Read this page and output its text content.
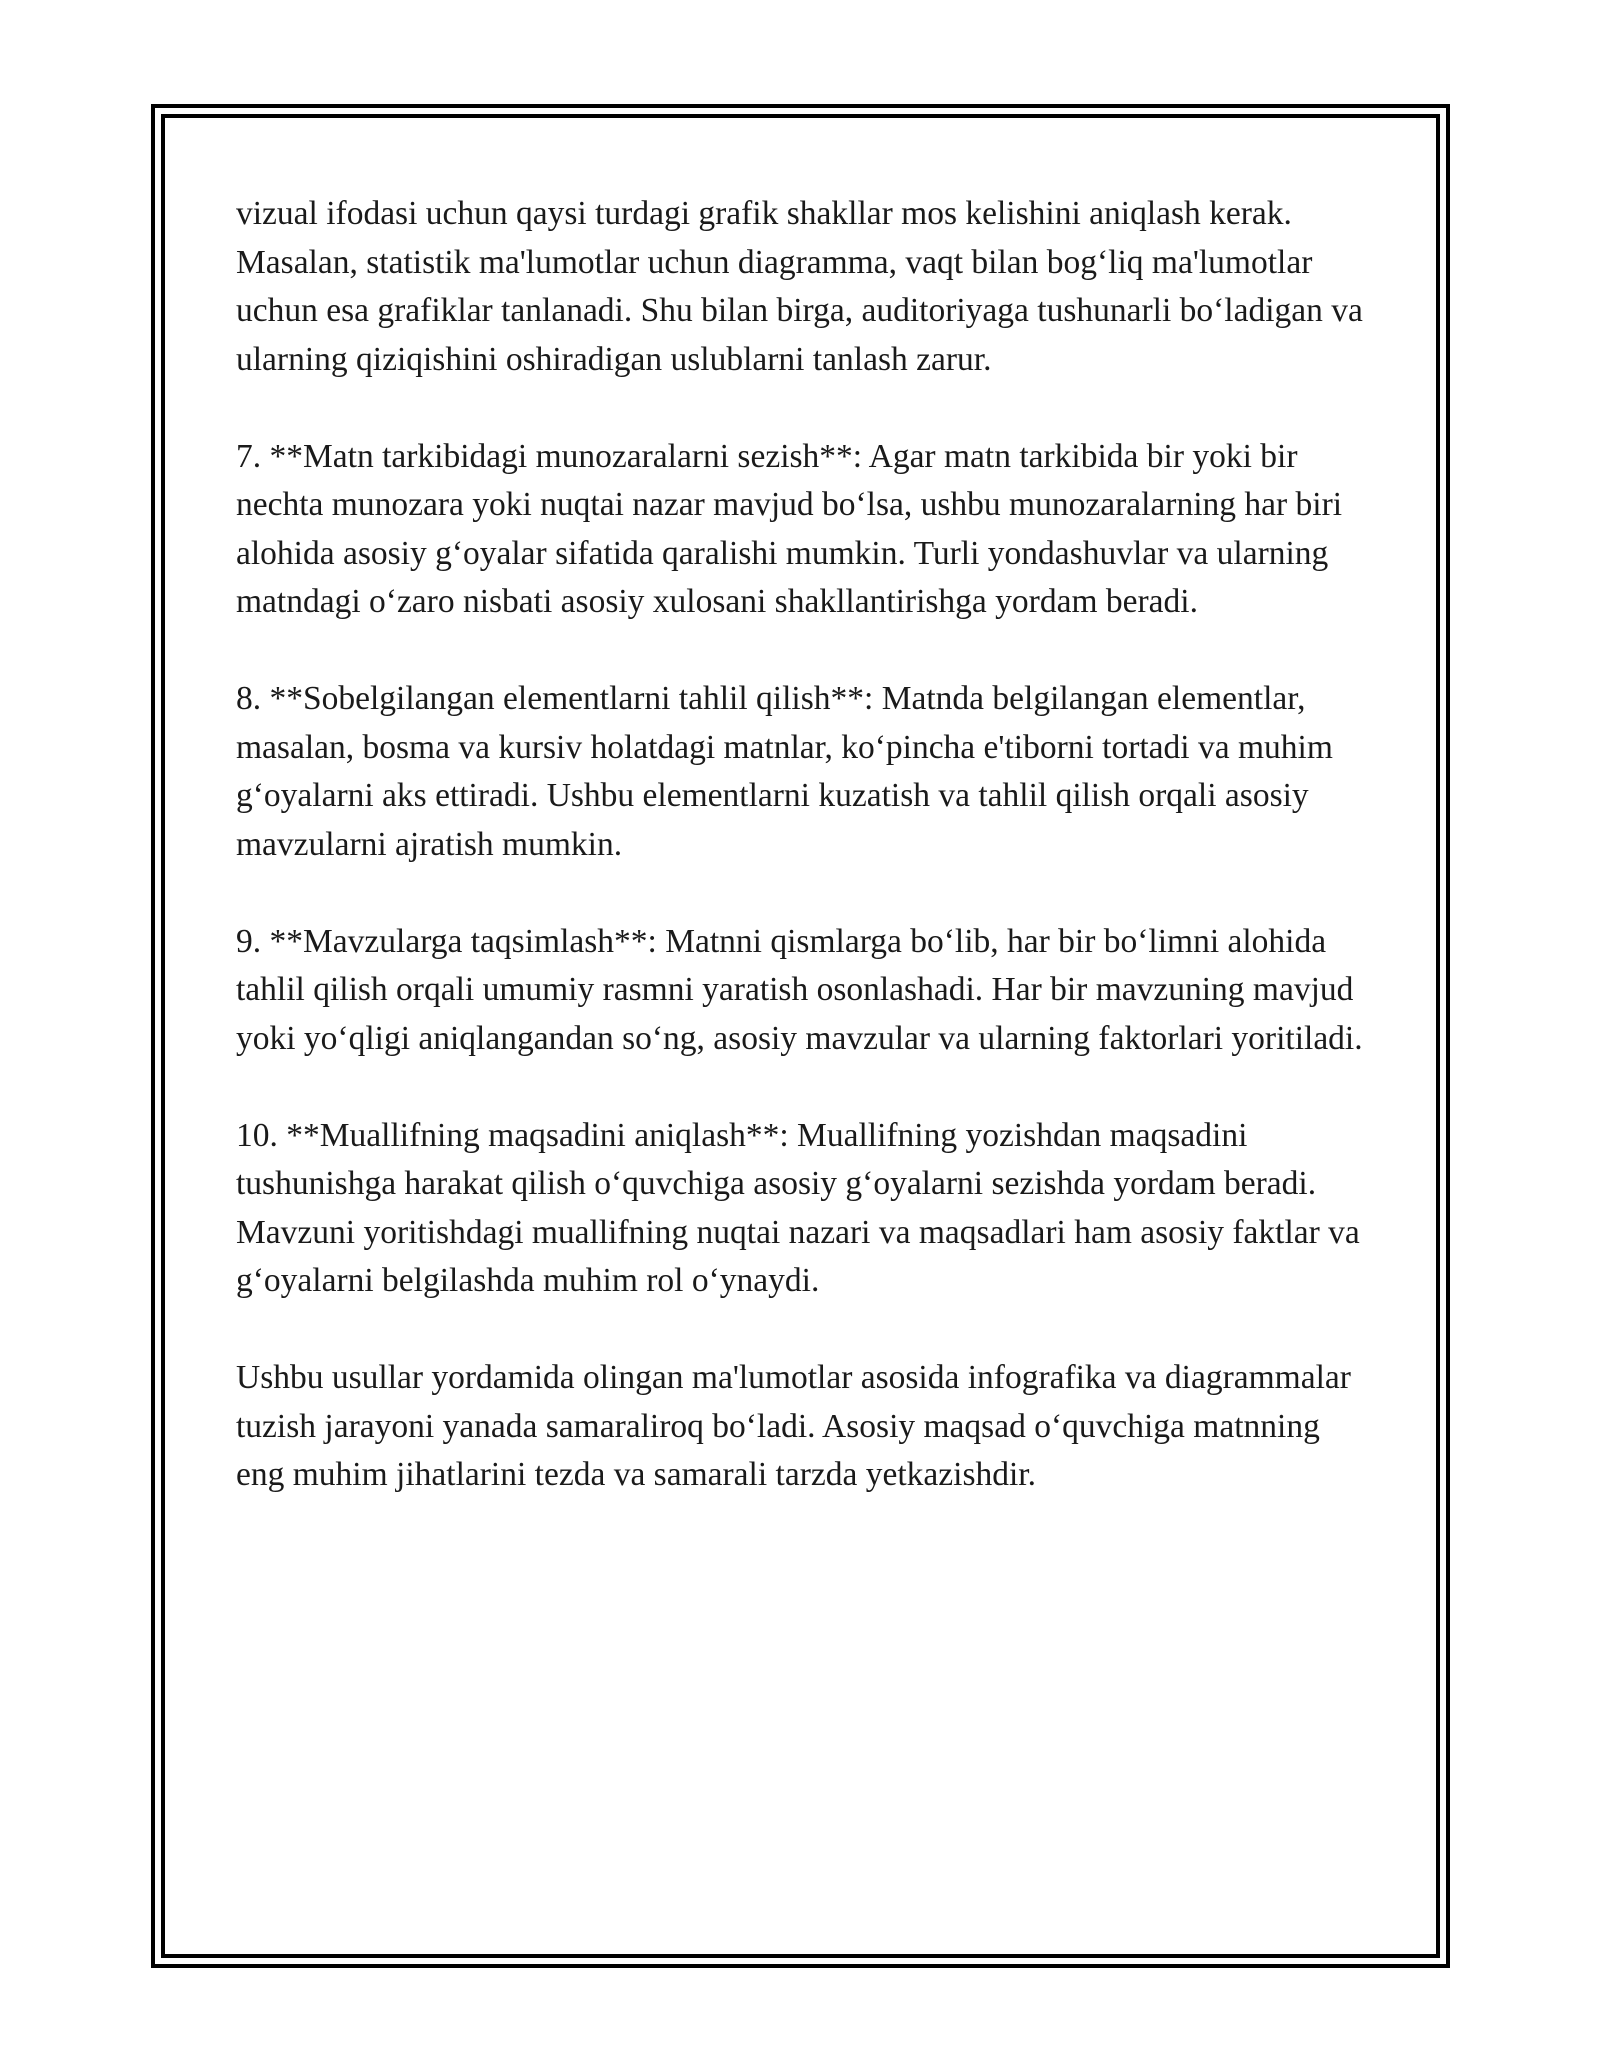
vizual ifodasi uchun qaysi turdagi grafik shakllar mos kelishini aniqlash kerak. Masalan, statistik ma'lumotlar uchun diagramma, vaqt bilan bog‘liq ma'lumotlar uchun esa grafiklar tanlanadi. Shu bilan birga, auditoriyaga tushunarli bo‘ladigan va ularning qiziqishini oshiradigan uslublarni tanlash zarur.

7. **Matn tarkibidagi munozaralarni sezish**: Agar matn tarkibida bir yoki bir nechta munozara yoki nuqtai nazar mavjud bo‘lsa, ushbu munozaralarning har biri alohida asosiy g‘oyalar sifatida qaralishi mumkin. Turli yondashuvlar va ularning matndagi o‘zaro nisbati asosiy xulosani shakllantirishga yordam beradi.

8. **Sobelgilangan elementlarni tahlil qilish**: Matnda belgilangan elementlar, masalan, bosma va kursiv holatdagi matnlar, ko‘pincha e'tiborni tortadi va muhim g‘oyalarni aks ettiradi. Ushbu elementlarni kuzatish va tahlil qilish orqali asosiy mavzularni ajratish mumkin.

9. **Mavzularga taqsimlash**: Matnni qismlarga bo‘lib, har bir bo‘limni alohida tahlil qilish orqali umumiy rasmni yaratish osonlashadi. Har bir mavzuning mavjud yoki yo‘qligi aniqlangandan so‘ng, asosiy mavzular va ularning faktorlari yoritiladi.

10. **Muallifning maqsadini aniqlash**: Muallifning yozishdan maqsadini tushunishga harakat qilish o‘quvchiga asosiy g‘oyalarni sezishda yordam beradi. Mavzuni yoritishdagi muallifning nuqtai nazari va maqsadlari ham asosiy faktlar va g‘oyalarni belgilashda muhim rol o‘ynaydi.

Ushbu usullar yordamida olingan ma'lumotlar asosida infografika va diagrammalar tuzish jarayoni yanada samaraliroq bo‘ladi. Asosiy maqsad o‘quvchiga matnning eng muhim jihatlarini tezda va samarali tarzda yetkazishdir.
